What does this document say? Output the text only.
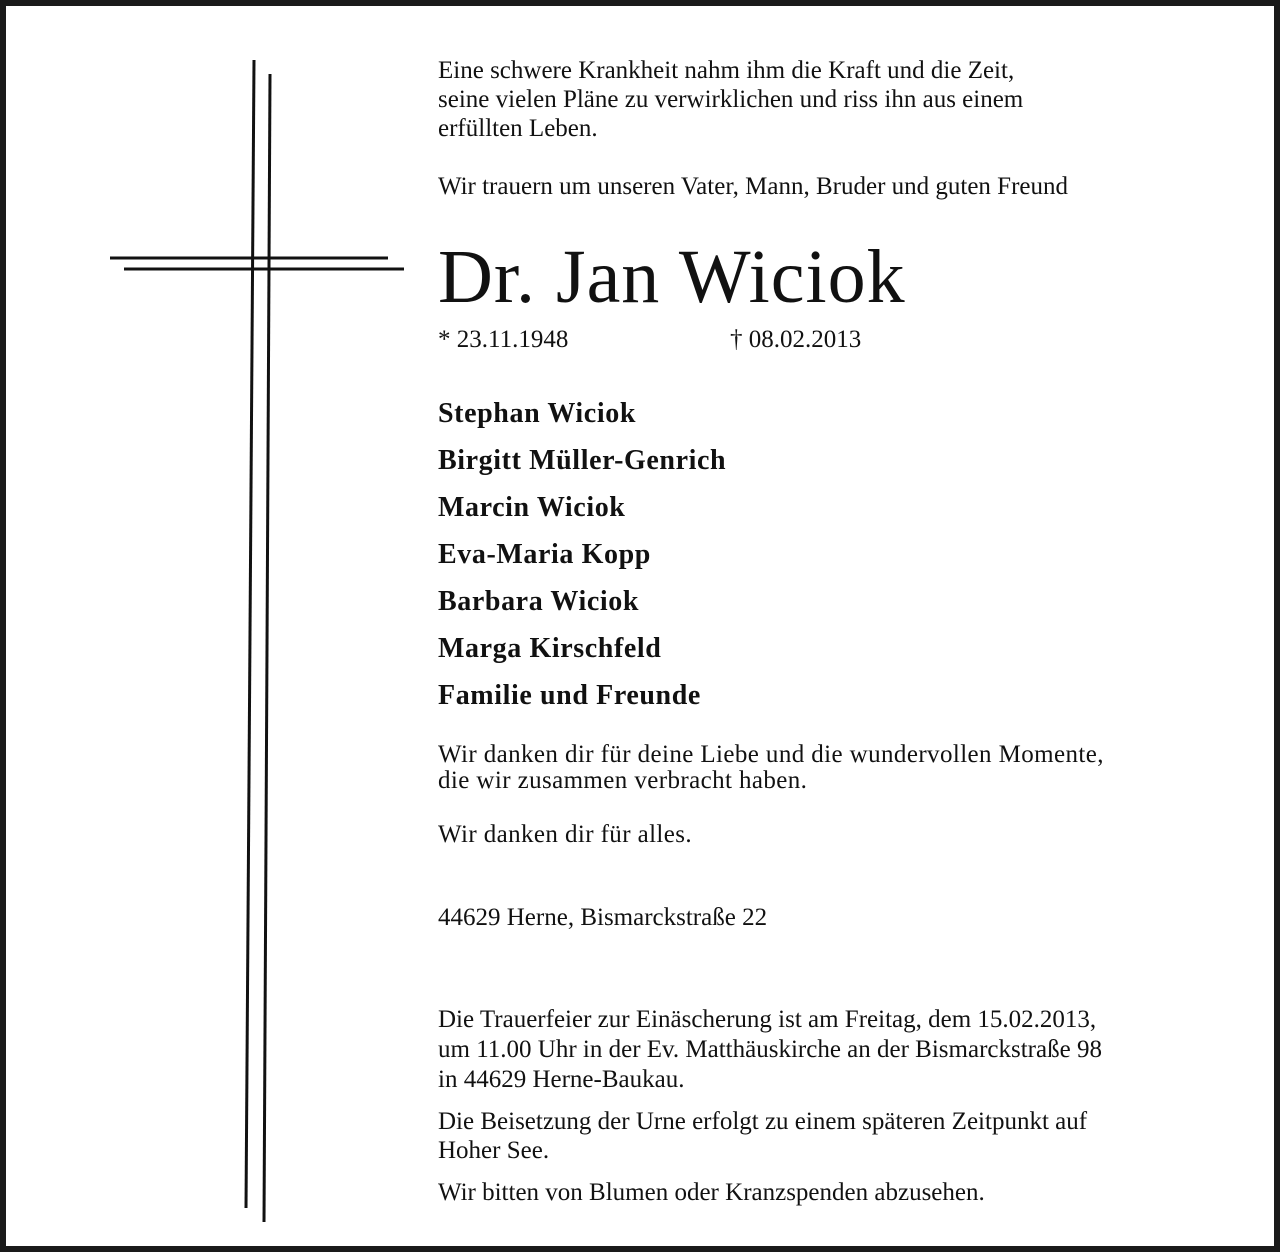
Eine schwere Krankheit nahm ihm die Kraft und die Zeit,
seine vielen Pläne zu verwirklichen und riss ihn aus einem
erfüllten Leben.
Wir trauern um unseren Vater, Mann, Bruder und guten Freund
Dr. Jan Wiciok
* 23.11.1948	† 08.02.2013
Stephan Wiciok
Birgitt Müller-Genrich
Marcin Wiciok
Eva-Maria Kopp
Barbara Wiciok
Marga Kirschfeld
Familie und Freunde
Wir danken dir für deine Liebe und die wundervollen Momente,
die wir zusammen verbracht haben.
Wir danken dir für alles.
44629 Herne, Bismarckstraße 22
Die Trauerfeier zur Einäscherung ist am Freitag, dem 15.02.2013,
um 11.00 Uhr in der Ev. Matthäuskirche an der Bismarckstraße 98
in 44629 Herne-Baukau.
Die Beisetzung der Urne erfolgt zu einem späteren Zeitpunkt auf
Hoher See.
Wir bitten von Blumen oder Kranzspenden abzusehen.
